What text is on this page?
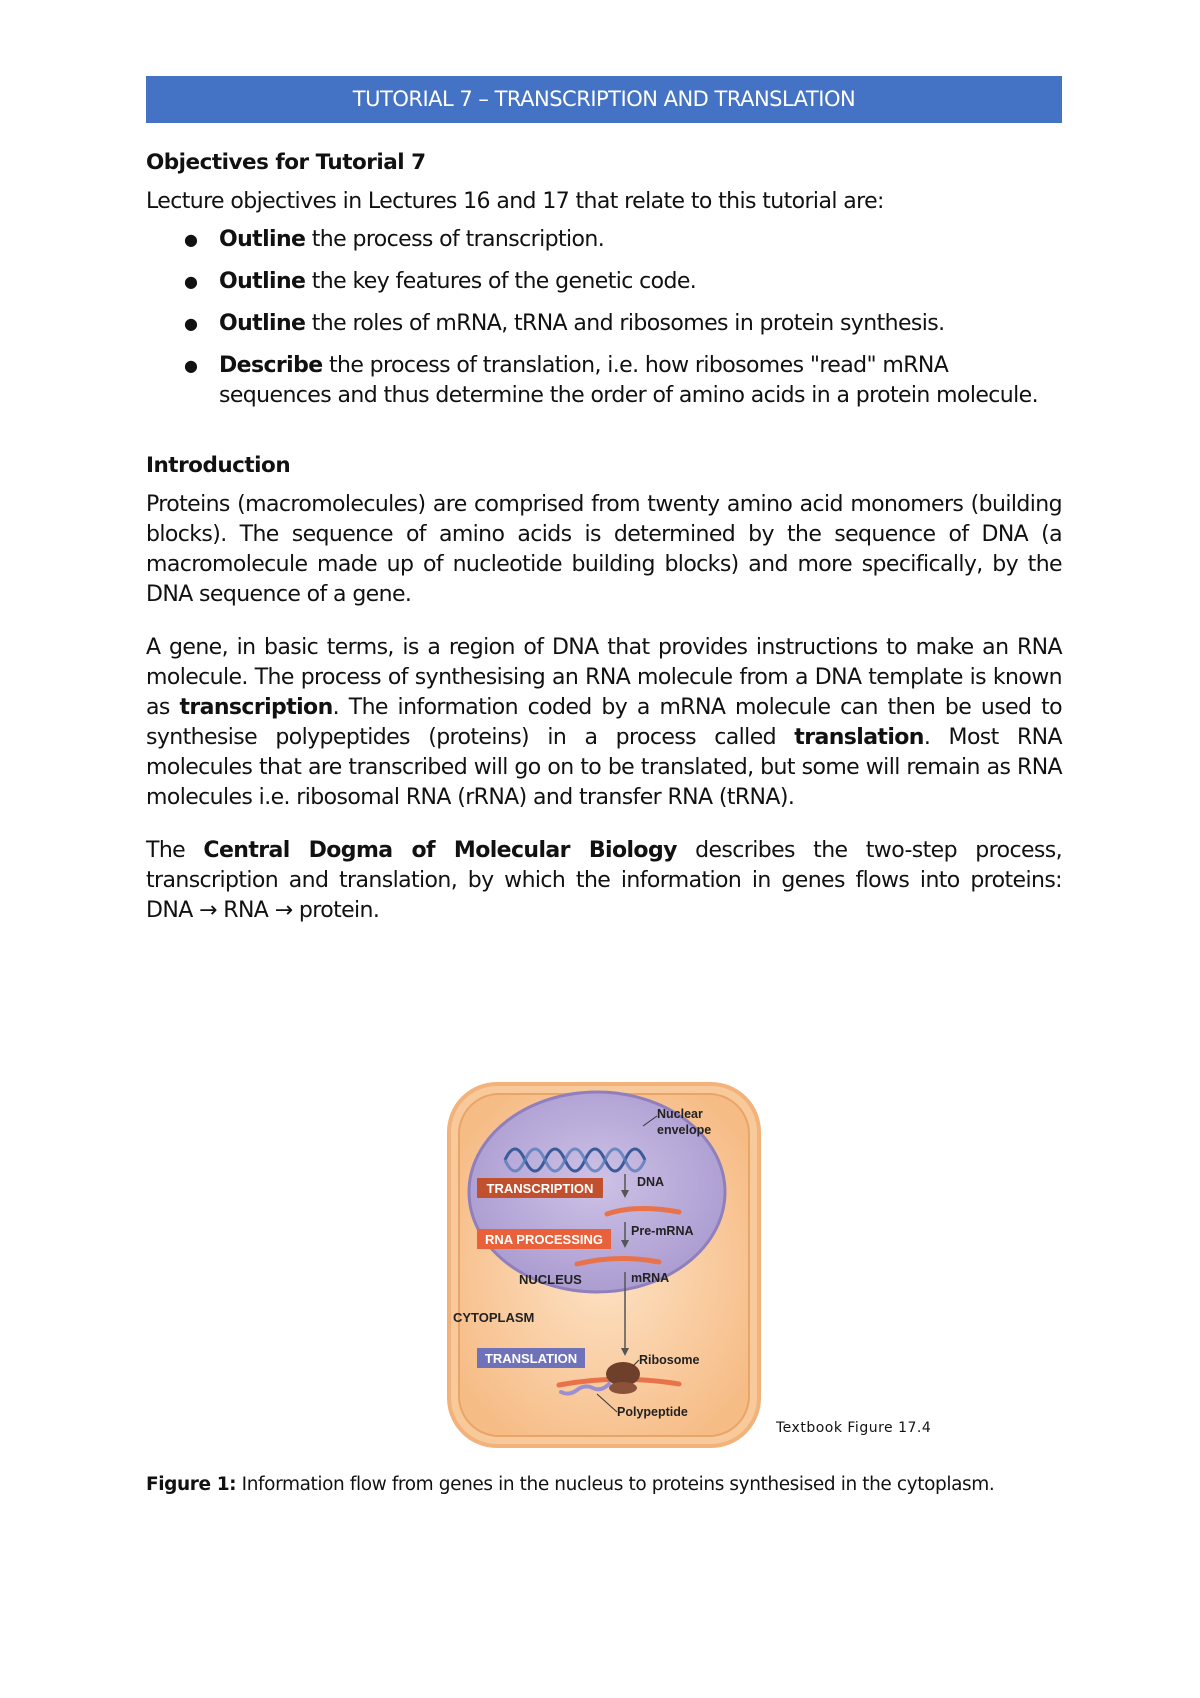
TUTORIAL 7 – TRANSCRIPTION AND TRANSLATION

Objectives for Tutorial 7

Lecture objectives in Lectures 16 and 17 that relate to this tutorial are:

● Outline the process of transcription.
● Outline the key features of the genetic code.
● Outline the roles of mRNA, tRNA and ribosomes in protein synthesis.
● Describe the process of translation, i.e. how ribosomes "read" mRNA sequences and thus determine the order of amino acids in a protein molecule.

Introduction

Proteins (macromolecules) are comprised from twenty amino acid monomers (building blocks). The sequence of amino acids is determined by the sequence of DNA (a macromolecule made up of nucleotide building blocks) and more specifically, by the DNA sequence of a gene.

A gene, in basic terms, is a region of DNA that provides instructions to make an RNA molecule. The process of synthesising an RNA molecule from a DNA template is known as transcription. The information coded by a mRNA molecule can then be used to synthesise polypeptides (proteins) in a process called translation. Most RNA molecules that are transcribed will go on to be translated, but some will remain as RNA molecules i.e. ribosomal RNA (rRNA) and transfer RNA (tRNA).

The Central Dogma of Molecular Biology describes the two-step process, transcription and translation, by which the information in genes flows into proteins: DNA → RNA → protein.

TRANSCRIPTION
RNA PROCESSING
Nuclear
envelope
DNA
Pre-mRNA
NUCLEUS	mRNA
CYTOPLASM
TRANSLATION	Ribosome
Polypeptide
Textbook Figure 17.4
Figure 1: Information flow from genes in the nucleus to proteins synthesised in the cytoplasm.
